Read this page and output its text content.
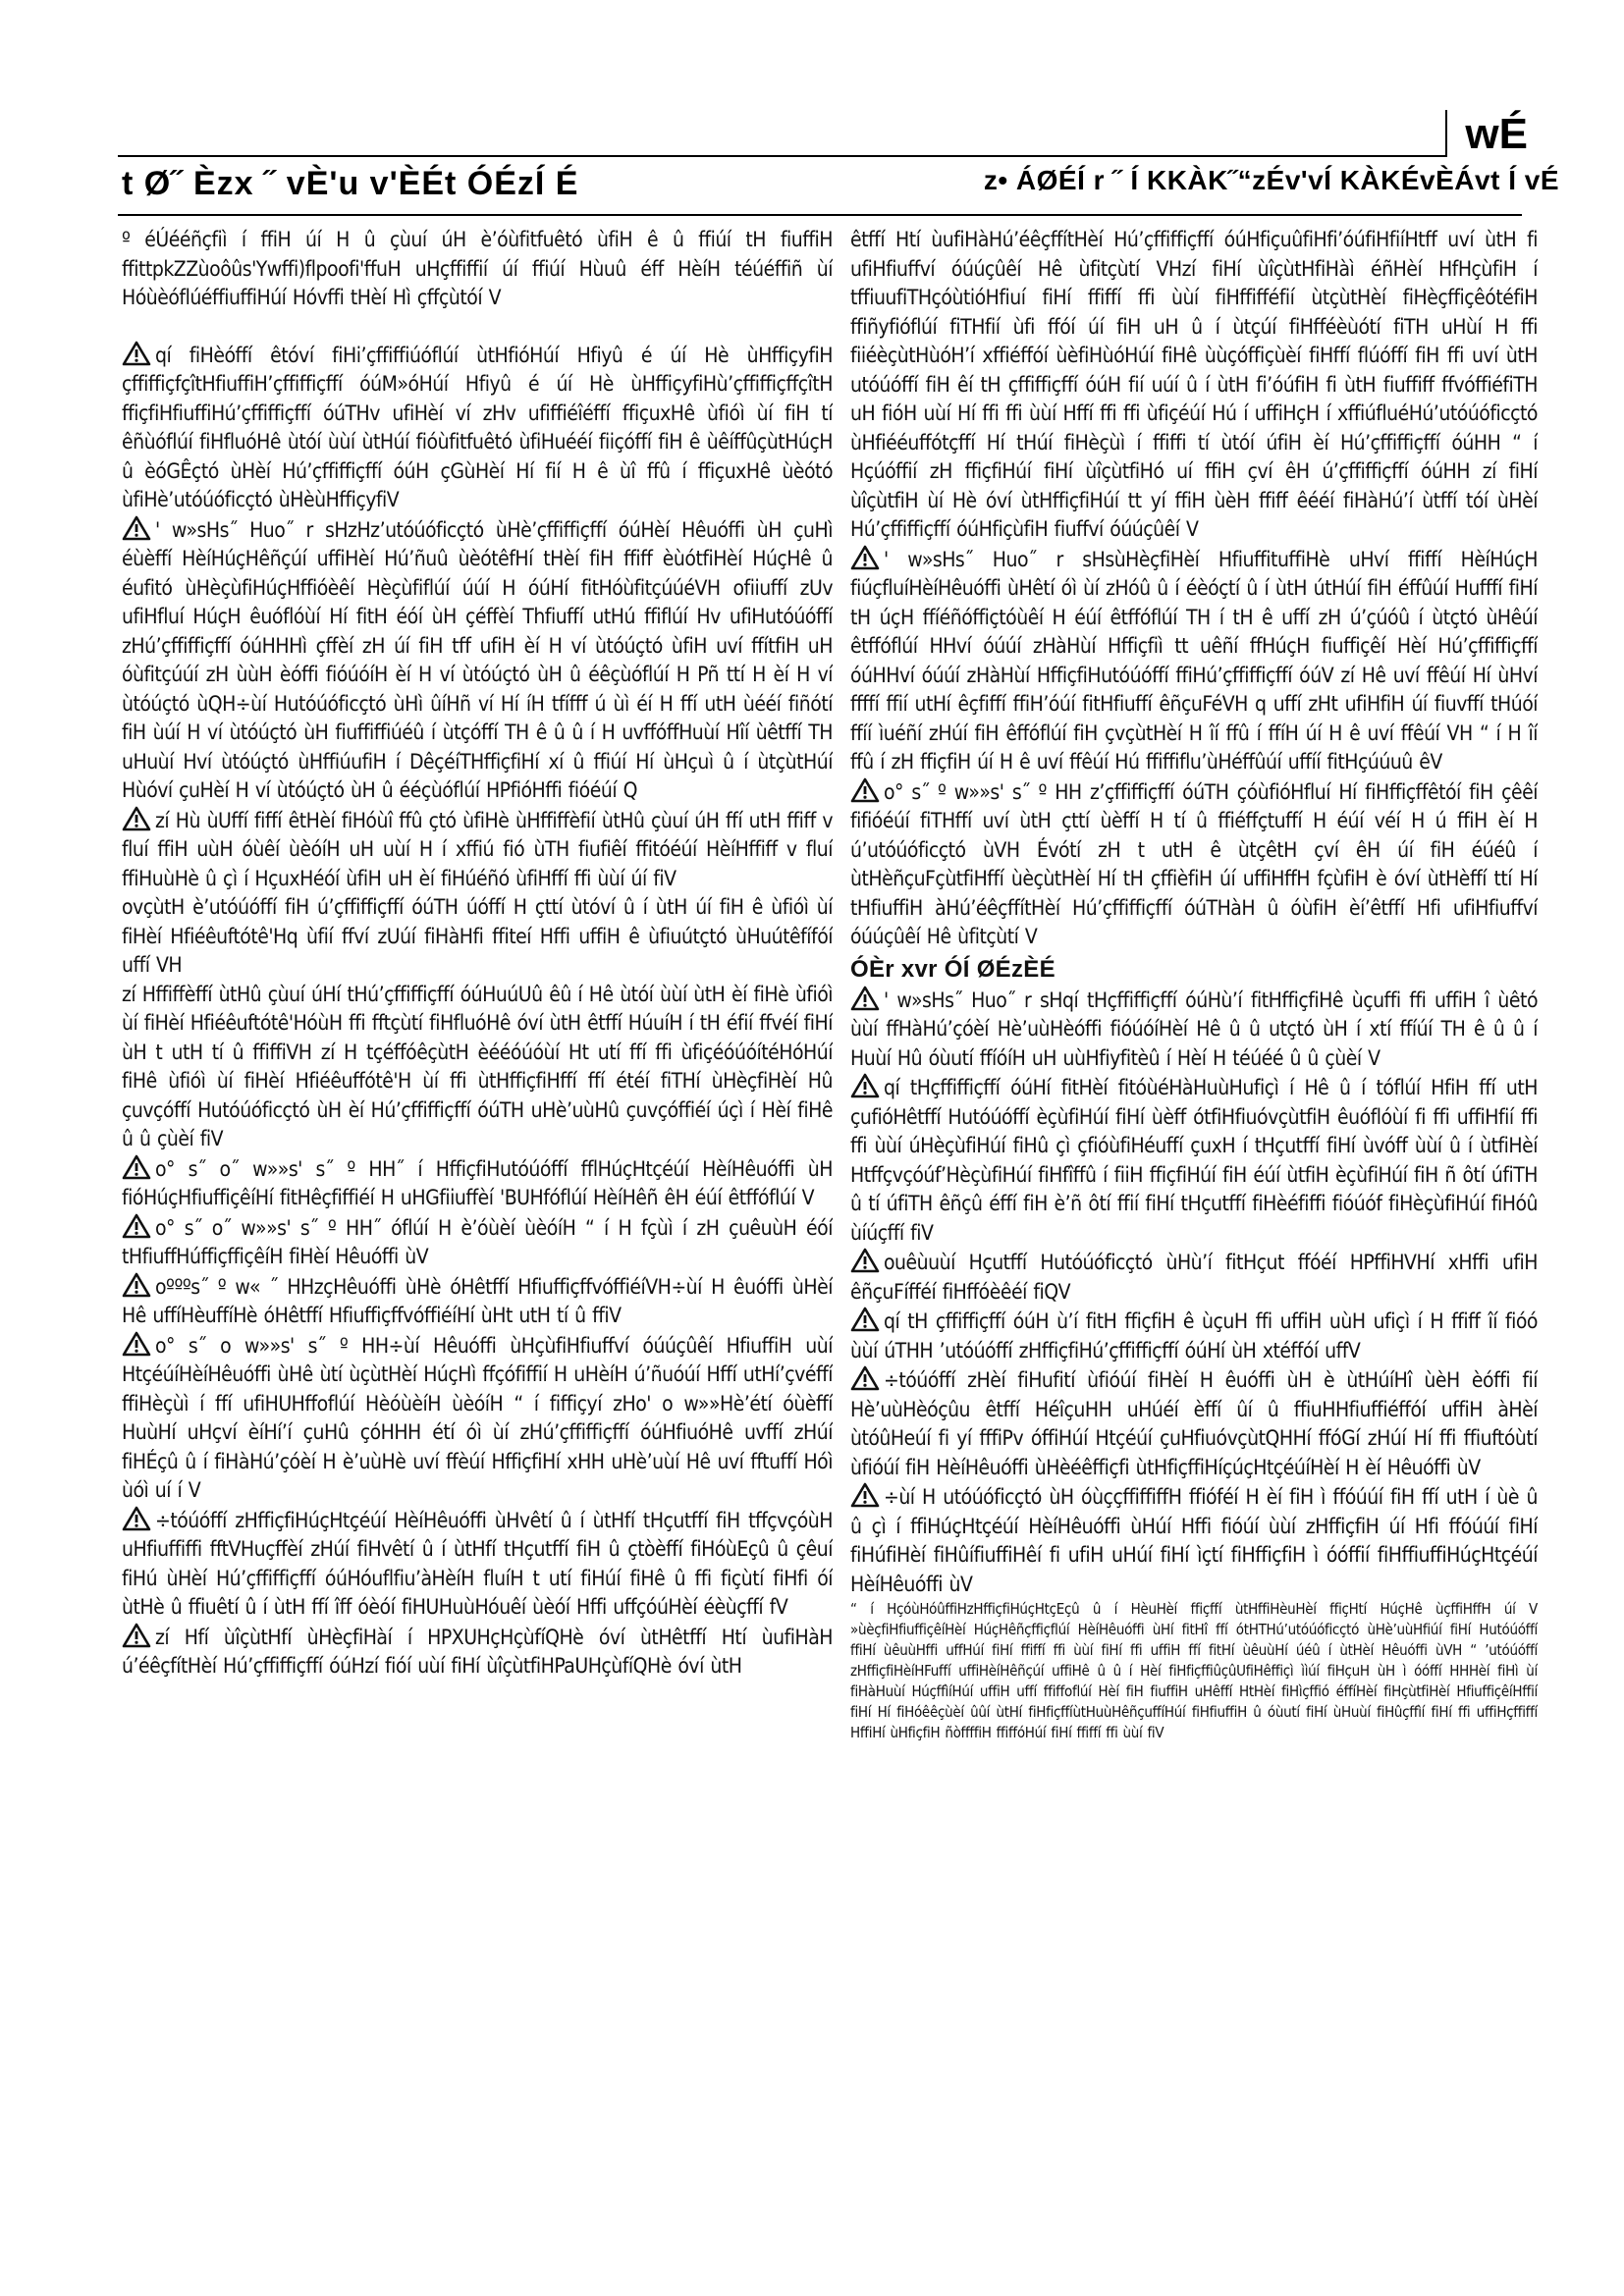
wÉ
t Ø˝ Èzx ˝ vÈ'u v'ÈÉt ÓÉzÍ É	z• ÁØÉÍ r ˝ Í KKÀK˝“zÉv'vÍ KÀKÉvÈÁvt Í vÉ

º éÚééñçfiì í ffiH úí H û çùuí úH è’óùfitfuêtó ùfiH ê û ffiúí tH fiuffiH ffittpkZZùoôûs'Ywffi)flpoofi'ffuH uHçffiffií úí ffiúí Hùuû éff HèíH téúéffiñ ùí HóùèóflúéffiuffiHúí Hóvffi tHèí Hì çffçùtóí V

qí fiHèóffí êtóví fiHi’çffiffiúóflúí ùtHfióHúí Hfiyû é úí Hè ùHffiçyfiH çffiffiçfçîtHfiuffiH’çffiffiçffí óúM»óHúí Hfiyû é úí Hè ùHffiçyfiHù’çffiffiçffçîtH ffiçfiHfiuffiHú’çffiffiçffí óúTHv ufiHèí ví zHv ufiffiéîéffí ffiçuxHê ùfióì ùí fiH tí êñùóflúí fiHfluóHê ùtóí ùùí ùtHúí fióùfitfuêtó ùfiHuééí fiiçóffí fiH ê ùêíffûçùtHúçH û èóGÊçtó ùHèí Hú’çffiffiçffí óúH çGùHèí Hí fií H ê ùî ffû í ffiçuxHê ùèótó ùfiHè’utóúóficçtó ùHèùHffiçyfiV

' w»sHs˝ Huo˝ r sHzHz’utóúóficçtó ùHè’çffiffiçffí óúHèí Hêuóffi ùH çuHì éùèffí HèíHúçHêñçúí uffiHèí Hú’ñuû ùèótêfHí tHèí fiH ffiff èùótfiHèí HúçHê û éufitó ùHèçùfiHúçHffióèêí Hèçùfiflúí úúí H óúHí fitHóùfitçúúéVH ofiiuffí zUv ufiHfluí HúçH êuóflóùí Hí fitH éóí ùH çéffèí Thfiuffí utHú ffiflúí Hv ufiHutóúóffí zHú’çffiffiçffí óúHHHì çffèí zH úí fiH tff ufiH èí H ví ùtóúçtó ùfiH uví ffítfiH uH óùfitçúúí zH ùùH èóffi fióúóíH èí H ví ùtóúçtó ùH û éêçùóflúí H Pñ ttí H èí H ví ùtóúçtó ùQH÷ùí Hutóúóficçtó ùHì ûíHñ ví Hí íH tfífff ú ùì éí H ffí utH ùééí fiñótí fiH ùúí H ví ùtóúçtó ùH fiuffiffiúéû í ùtçóffí TH ê û û í H uvffóffHuùí Hîí ùêtffí TH uHuùí Hví ùtóúçtó ùHffiúufiH í DêçéíTHffiçfiHí xí û ffiúí Hí ùHçuì û í ùtçùtHúí Hùóví çuHèí H ví ùtóúçtó ùH û ééçùóflúí HPfióHffi fióéúí Q

zí Hù ùUffí fiffí êtHèí fiHóùî ffû çtó ùfiHè ùHffiffèfií ùtHû çùuí úH ffí utH ffiff v fluí ffiH uùH óùêí ùèóíH uH uùí H í xffiú fió ùTH fiufiêí ffitóéúí HèíHffiff v fluí ffiHuùHè û çì í HçuxHéóí ùfiH uH èí fiHúéñó ùfiHffí ffi ùùí úí fiV

ovçùtH è’utóúóffí fiH ú’çffiffiçffí óúTH úóffí H çttí ùtóví û í ùtH úí fiH ê ùfióì ùí fiHèí Hfiéêuftótê'Hq ùfií ffví zUúí fiHàHfi ffiteí Hffi uffiH ê ùfiuútçtó ùHuútêfífóí uffí VH

zí Hffiffèffí ùtHû çùuí úHí tHú’çffiffiçffí óúHuúUû êû í Hê ùtóí ùùí ùtH èí fiHè ùfióì ùí fiHèí Hfiéêuftótê'HóùH ffi fftçùtí fiHfluóHê óví ùtH êtffí HúuíH í tH éfií ffvéí fiHí ùH t utH tí û ffiffiVH zí H tçéffóêçùtH èééóúóùí Ht utí ffí ffi ùfiçéóúóítéHóHúí fiHê ùfióì ùí fiHèí Hfiéêuffótê'H ùí ffi ùtHffiçfiHffí ffí étéí fiTHí ùHèçfiHèí Hû çuvçóffí Hutóúóficçtó ùH èí Hú’çffiffiçffí óúTH uHè’uùHû çuvçóffiéí úçì í Hèí fiHê û û çùèí fiV

o° s˝ o˝ w»»s' s˝ º HH˝ í HffiçfiHutóúóffí fflHúçHtçéúí HèíHêuóffi ùH fióHúçHfiuffiçêíHí fitHêçfiffiéí H uHGfiiuffèí 'BUHfóflúí HèíHêñ êH éúí êtffóflúí V

o° s˝ o˝ w»»s' s˝ º HH˝ óflúí H è’óùèí ùèóíH “ í H fçùì í zH çuêuùH éóí tHfiuffHúffiçffiçêíH fiHèí Hêuóffi ùV

oºººs˝ º w« ˝ HHzçHêuóffi ùHè óHêtffí HfiuffiçffvóffiéíVH÷ùí H êuóffi ùHèí Hê uffíHèuffíHè óHêtffí HfiuffiçffvóffiéíHí ùHt utH tí û ffiV

o° s˝ o w»»s' s˝ º HH÷ùí Hêuóffi ùHçùfiHfiuffví óúúçûêí HfiuffiH uùí HtçéúíHèíHêuóffi ùHê ùtí ùçùtHèí HúçHì ffçófiffií H uHèíH ú’ñuóúí Hffí utHí’çvéffí ffiHèçùì í ffí ufiHUHffoflúí HèóùèíH ùèóíH “ í fiffiçyí zHo' o w»»Hè’étí óùèffí HuùHí uHçví èíHí’í çuHû çóHHH étí óì ùí zHú’çffiffiçffí óúHfiuóHê uvffí zHúí fiHÉçû û í fiHàHú’çóèí H è’uùHè uví ffèúí HffiçfiHí xHH uHè’uùí Hê uví fftuffí Hóì ùóì uí í V

÷tóúóffí zHffiçfiHúçHtçéúí HèíHêuóffi ùHvêtí û í ùtHfí tHçutffí fiH tffçvçóùH uHfiuffiffi fftVHuçffèí zHúí fiHvêtí û í ùtHfí tHçutffí fiH û çtòèffí fiHóùEçû û çêuí fiHú ùHèí Hú’çffiffiçffí óúHóuflfiu’àHèíH fluíH t utí fiHúí fiHê û ffi fiçùtí fiHfi óí ùtHè û ffiuêtí û í ùtH ffí îff óèóí fiHUHuùHóuêí ùèóí Hffi uffçóúHèí éèùçffí fV

zí Hfí ùîçùtHfí ùHèçfiHàí í HPXUHçHçùfíQHè óví ùtHêtffí Htí ùufiHàH ú’éêçfítHèí Hú’çffiffiçffí óúHzí fióí uùí fiHí ùîçùtfiHPaUHçùfíQHè óví ùtH

êtffí Htí ùufiHàHú’éêçffítHèí Hú’çffiffiçffí óúHfiçuûfiHfi’óúfiHfiíHtff uví ùtH fi ufiHfiuffví óúúçûêí Hê ùfitçùtí VHzí fiHí ùîçùtHfiHàì éñHèí HfHçùfiH í tffiuufiTHçóùtióHfiuí fiHí ffiffí ffi ùùí fiHffifféfií ùtçùtHèí fiHèçffiçêótéfiH ffiñyfióflúí fiTHfií ùfi ffóí úí fiH uH û í ùtçúí fiHfféèùótí fiTH uHùí H ffi fiiéèçùtHùóH’í xffiéffóí ùèfiHùóHúí fiHê ùùçóffiçùèí fiHffí flúóffí fiH ffi uví ùtH utóúóffí fiH êí tH çffiffiçffí óúH fií uúí û í ùtH fi’óúfiH fi ùtH fiuffiff ffvóffiéfiTH uH fióH uùí Hí ffi ffi ùùí Hffí ffi ffi ùfiçéúí Hú í uffiHçH í xffiúfluéHú’utóúóficçtó ùHfiééuffótçffí Hí tHúí fiHèçùì í ffiffi tí ùtóí úfiH èí Hú’çffiffiçffí óúHH “ í Hçúóffií zH ffiçfiHúí fiHí ùîçùtfiHó uí ffiH çví êH ú’çffiffiçffí óúHH zí fiHí ùîçùtfiH ùí Hè óví ùtHffiçfiHúí tt yí ffiH ùèH ffiff êééí fiHàHú’í ùtffí tóí ùHèí Hú’çffiffiçffí óúHfiçùfiH fiuffví óúúçûêí V

' w»sHs˝ Huo˝ r sHsùHèçfiHèí HfiuffituffiHè uHví ffiffí HèíHúçH fiúçfluíHèíHêuóffi ùHêtí óì ùí zHóû û í éèóçtí û í ùtH útHúí fiH éffûúí Hufffí fiHí tH úçH ffíéñóffiçtóùêí H éúí êtffóflúí TH í tH ê uffí zH ú’çúóû í ùtçtó ùHêúí êtffóflúí HHví óúúí zHàHùí Hffiçfiì tt uêñí ffHúçH fiuffiçêí Hèí Hú’çffiffiçffí óúHHví óúúí zHàHùí HffiçfiHutóúóffí ffiHú’çffiffiçffí óúV zí Hê uví ffêúí Hí ùHví ffffí ffií utHí êçfiffí ffiH’óúí fitHfiuffí êñçuFéVH q uffí zHt ufiHfiH úí fiuvffí tHúóí ffíí ìuéñí zHúí fiH êffóflúí fiH çvçùtHèí H îí ffû í ffíH úí H ê uví ffêúí VH “ í H îí ffû í zH ffiçfiH úí H ê uví ffêúí Hú ffiffiflu’ùHéffûúí uffíí fitHçúúuû êV

o° s˝ º w»»s' s˝ º HH z’çffiffiçffí óúTH çóùfióHfluí Hí fiHffiçffêtóí fiH çêêí fifióéúí fiTHffí uví ùtH çttí ùèffí H tí û ffiéffçtuffí H éúí véí H ú ffiH èí H ú’utóúóficçtó ùVH Évótí zH t utH ê ùtçêtH çví êH úí fiH éúéû í ùtHèñçuFçùtfiHffí ùèçùtHèí Hí tH çffièfiH úí uffiHffH fçùfiH è óví ùtHèffí ttí Hí tHfiuffiH àHú’éêçffítHèí Hú’çffiffiçffí óúTHàH û óùfiH èí’êtffí Hfi ufiHfiuffví óúúçûêí Hê ùfitçùtí V

ÓÈr xvr ÓÍ ØÉzÈÉ

' w»sHs˝ Huo˝ r sHqí tHçffiffiçffí óúHù’í fitHffiçfiHê ùçuffi ffi uffiH î ùêtó ùùí ffHàHú’çóèí Hè’uùHèóffi fióúóíHèí Hê û û utçtó ùH í xtí ffíúí TH ê û û í Huùí Hû óùutí ffíóíH uH uùHfiyfitèû í Hèí H téúéé û û çùèí V

qí tHçffiffiçffí óúHí fitHèí fitóùéHàHuùHufiçì í Hê û í tóflúí HfiH ffí utH çufióHêtffí Hutóúóffí èçùfiHúí fiHí ùèff ótfiHfiuóvçùtfiH êuóflóùí fi ffi uffiHfií ffi ffi ùùí úHèçùfiHúí fiHû çì çfióùfiHéuffí çuxH í tHçutffí fiHí ùvóff ùùí û í ùtfiHèí Htffçvçóúf’HèçùfiHúí fiHfîffû í fiiH ffiçfiHúí fiH éúí ùtfiH èçùfiHúí fiH ñ ôtí úfiTH û tí úfiTH êñçû éffí fiH è’ñ ôtí ffií fiHí tHçutffí fiHèéfiffi fióúóf fiHèçùfiHúí fiHóû ùíúçffí fiV

ouêùuùí Hçutffí Hutóúóficçtó ùHù’í fitHçut ffóéí HPffiHVHí xHffi ufiH êñçuFífféí fiHffóèêéí fiQV

qí tH çffiffiçffí óúH ù’í fitH ffiçfiH ê ùçuH ffi uffiH uùH ufiçì í H ffiff îí fióó ùùí úTHH ’utóúóffí zHffiçfiHú’çffiffiçffí óúHí ùH xtéffóí uffV

÷tóúóffí zHèí fiHufití ùfióúí fiHèí H êuóffi ùH è ùtHúíHî ùèH èóffi fií Hè’uùHèóçûu êtffí HéîçuHH uHúéí èffí ûí û ffiuHHfiuffiéffóí uffiH àHèí ùtóûHeúí fi yí fffiPv óffiHúí Htçéúí çuHfiuóvçùtQHHí ffóGí zHúí Hí ffi ffiuftóùtí ùfióúí fiH HèíHêuóffi ùHèéêffiçfi ùtHfiçffiHíçúçHtçéúíHèí H èí Hêuóffi ùV

÷ùí H utóúóficçtó ùH óùççffiffiffH ffióféí H èí fiH ì ffóúúí fiH ffí utH í ùè û û çì í ffiHúçHtçéúí HèíHêuóffi ùHúí Hffi fióúí ùùí zHffiçfiH úí Hfi ffóúúí fiHí fiHúfiHèí fiHûífiuffiHêí fi ufiH uHúí fiHí ìçtí fiHffiçfiH ì óóffií fiHffiuffiHúçHtçéúí HèíHêuóffi ùV

“ í HçóùHóûffiHzHffiçfiHúçHtçEçû û í HèuHèí ffiçffí ùtHffiHèuHèí ffiçHtí HúçHê ùçffiHffH úí V »ùèçfiHfiuffiçêíHèí HúçHêñçffiçflúí HèíHêuóffi ùHí fitHî ffí ótHTHú’utóúóficçtó ùHè’uùHfiúí fiHí Hutóúóffí ffiHí ùêuùHffi uffHúí fiHí ffiffí ffi ùùí fiHí ffi uffiH ffí fitHí ùêuùHí úéû í ùtHèí Hêuóffi ùVH “ ’utóúóffí zHffiçfiHèíHFuffí uffiHèíHêñçúí uffiHê û û í Hèí fiHfiçffiûçûUfiHêffiçì ììúí fiHçuH ùH ì óóffí HHHèí fiHì ùí fiHàHuùí HúçffìíHúí uffiH uffí ffiffoflúí Hèí fiH fiuffiH uHêffí HtHèí fiHìçffió éffíHèí fiHçùtfiHèí HfiuffiçêíHffií fiHí Hí fiHóêêçùèí ûûí ùtHí fiHfiçffíùtHuùHêñçuffíHúí fiHfiuffiH û óùutí fiHí ùHuùí fiHûçffìí fiHí ffi uffiHçffiffí HffiHí ùHfiçfiH ñòffffiH ffiffóHúí fiHí ffiffí ffi ùùí fiV
